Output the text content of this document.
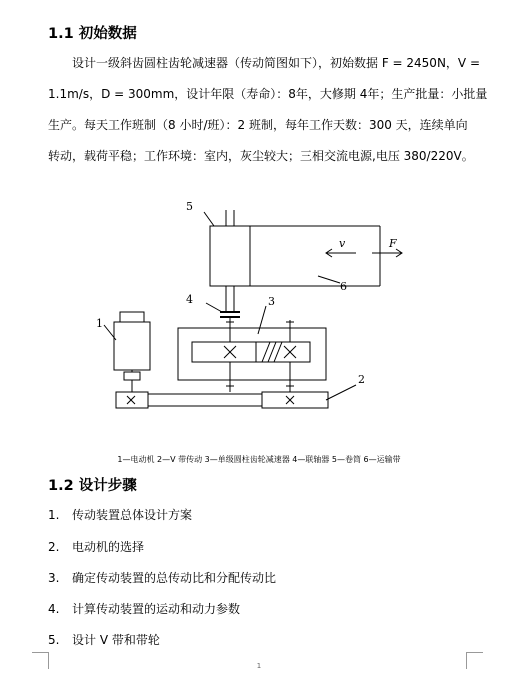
1.1 初始数据
设计一级斜齿圆柱齿轮减速器（传动简图如下），初始数据 F = 2450N，V =
1.1m/s，D = 300mm，设计年限（寿命）：8年，大修期 4年；生产批量：小批量
生产。每天工作班制（8 小时/班）：2 班制，每年工作天数：300 天，连续单向
转动，载荷平稳；工作环境：室内，灰尘较大；三相交流电源,电压 380/220V。
5
6
4	3
1
2
v	F
1—电动机 2—V 带传动 3—单级圆柱齿轮减速器 4—联轴器 5—卷筒 6—运输带
1.2 设计步骤
1. 传动装置总体设计方案
2. 电动机的选择
3. 确定传动装置的总传动比和分配传动比
4. 计算传动装置的运动和动力参数
5. 设计 V 带和带轮
1
